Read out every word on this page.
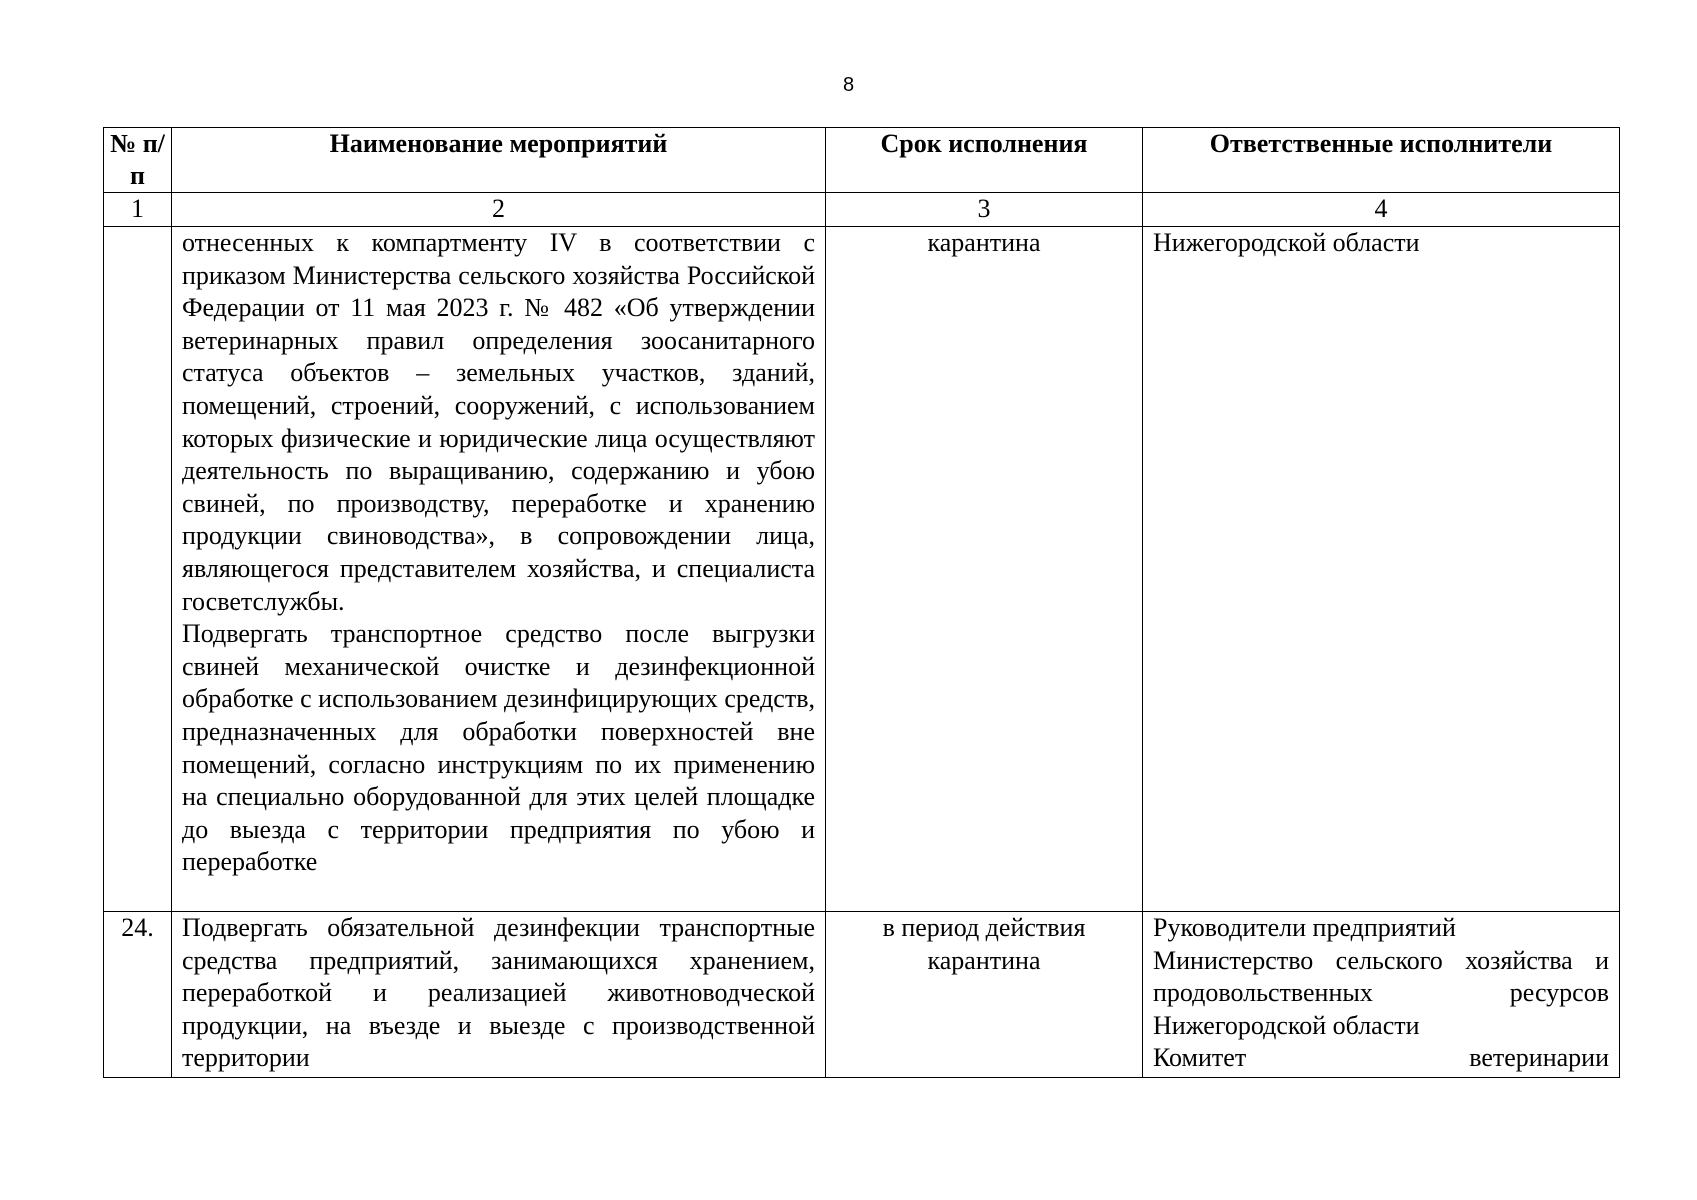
8
№ п/п	Наименование мероприятий	Срок исполнения	Ответственные исполнители
1	2	3	4

	отнесенных к компартменту IV в соответствии с приказом Министерства сельского хозяйства Российской Федерации от 11 мая 2023 г. № 482 «Об утверждении ветеринарных правил определения зоосанитарного статуса объектов – земельных участков, зданий, помещений, строений, сооружений, с использованием которых физические и юридические лица осуществляют деятельность по выращиванию, содержанию и убою свиней, по производству, переработке и хранению продукции свиноводства», в сопровождении лица, являющегося представителем хозяйства, и специалиста госветслужбы.

Подвергать транспортное средство после выгрузки свиней механической очистке и дезинфекционной обработке с использованием дезинфицирующих средств, предназначенных для обработки поверхностей вне помещений, согласно инструкциям по их применению на специально оборудованной для этих целей площадке до выезда с территории предприятия по убою и переработке	карантина	Нижегородской области

24.	Подвергать обязательной дезинфекции транспортные средства предприятий, занимающихся хранением, переработкой и реализацией животноводческой продукции, на въезде и выезде с производственной территории	в период действия карантина	Руководители предприятий

Министерство сельского хозяйства и продовольственных ресурсов Нижегородской области

Комитет ветеринарии
